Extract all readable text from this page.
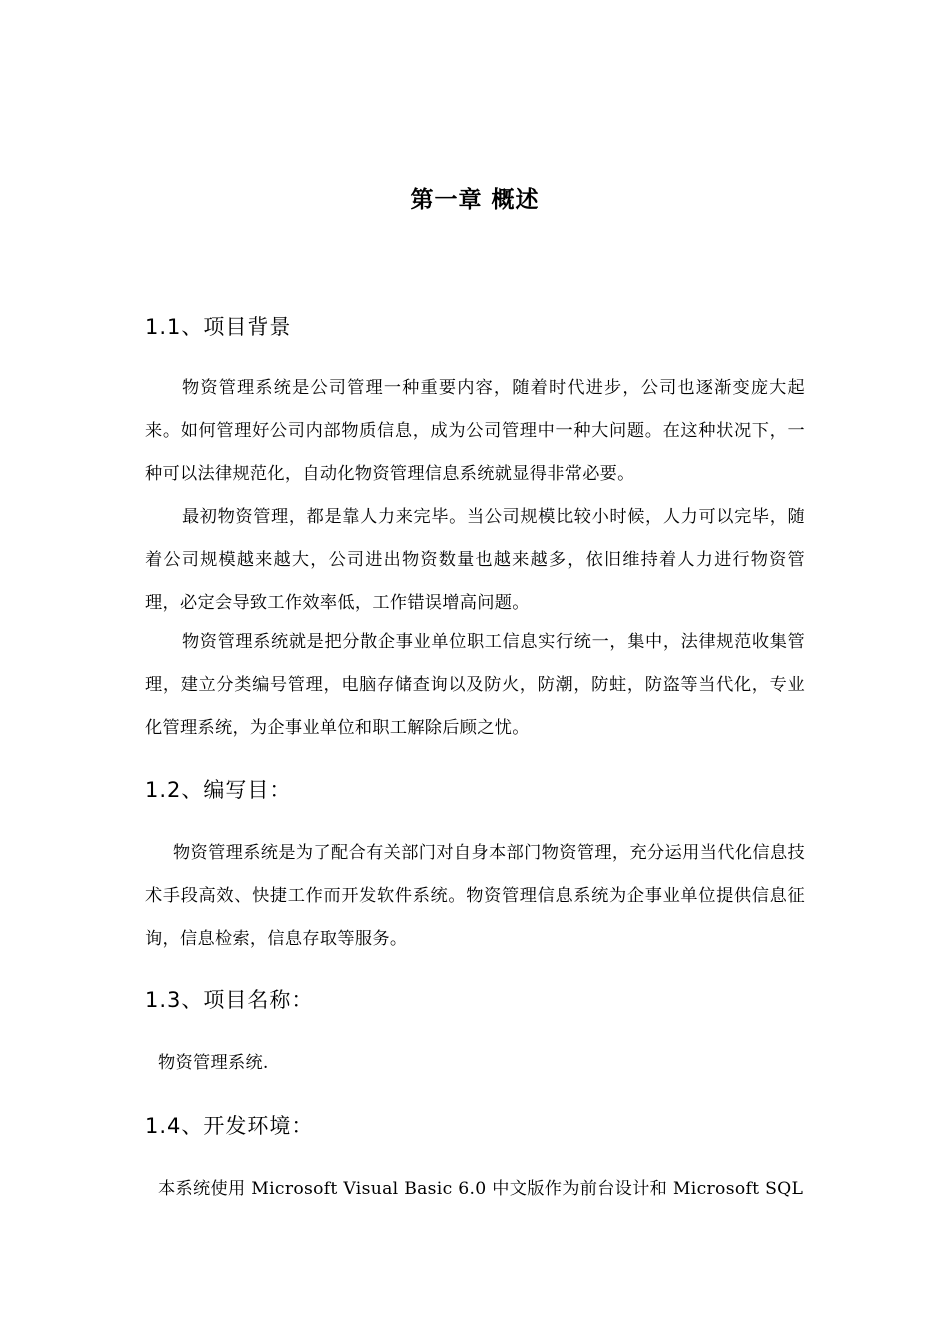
第一章 概述
1.1、项目背景
物资管理系统是公司管理一种重要内容，随着时代进步，公司也逐渐变庞大起来。如何管理好公司内部物质信息，成为公司管理中一种大问题。在这种状况下，一种可以法律规范化，自动化物资管理信息系统就显得非常必要。
最初物资管理，都是靠人力来完毕。当公司规模比较小时候，人力可以完毕，随着公司规模越来越大，公司进出物资数量也越来越多，依旧维持着人力进行物资管理，必定会导致工作效率低，工作错误增高问题。
物资管理系统就是把分散企事业单位职工信息实行统一，集中，法律规范收集管理，建立分类编号管理，电脑存储查询以及防火，防潮，防蛀，防盗等当代化，专业化管理系统，为企事业单位和职工解除后顾之忧。
1.2、编写目：
物资管理系统是为了配合有关部门对自身本部门物资管理，充分运用当代化信息技术手段高效、快捷工作而开发软件系统。物资管理信息系统为企事业单位提供信息征询，信息检索，信息存取等服务。
1.3、项目名称：
物资管理系统.
1.4、开发环境：
本系统使用 Microsoft Visual Basic 6.0 中文版作为前台设计和 Microsoft SQL
